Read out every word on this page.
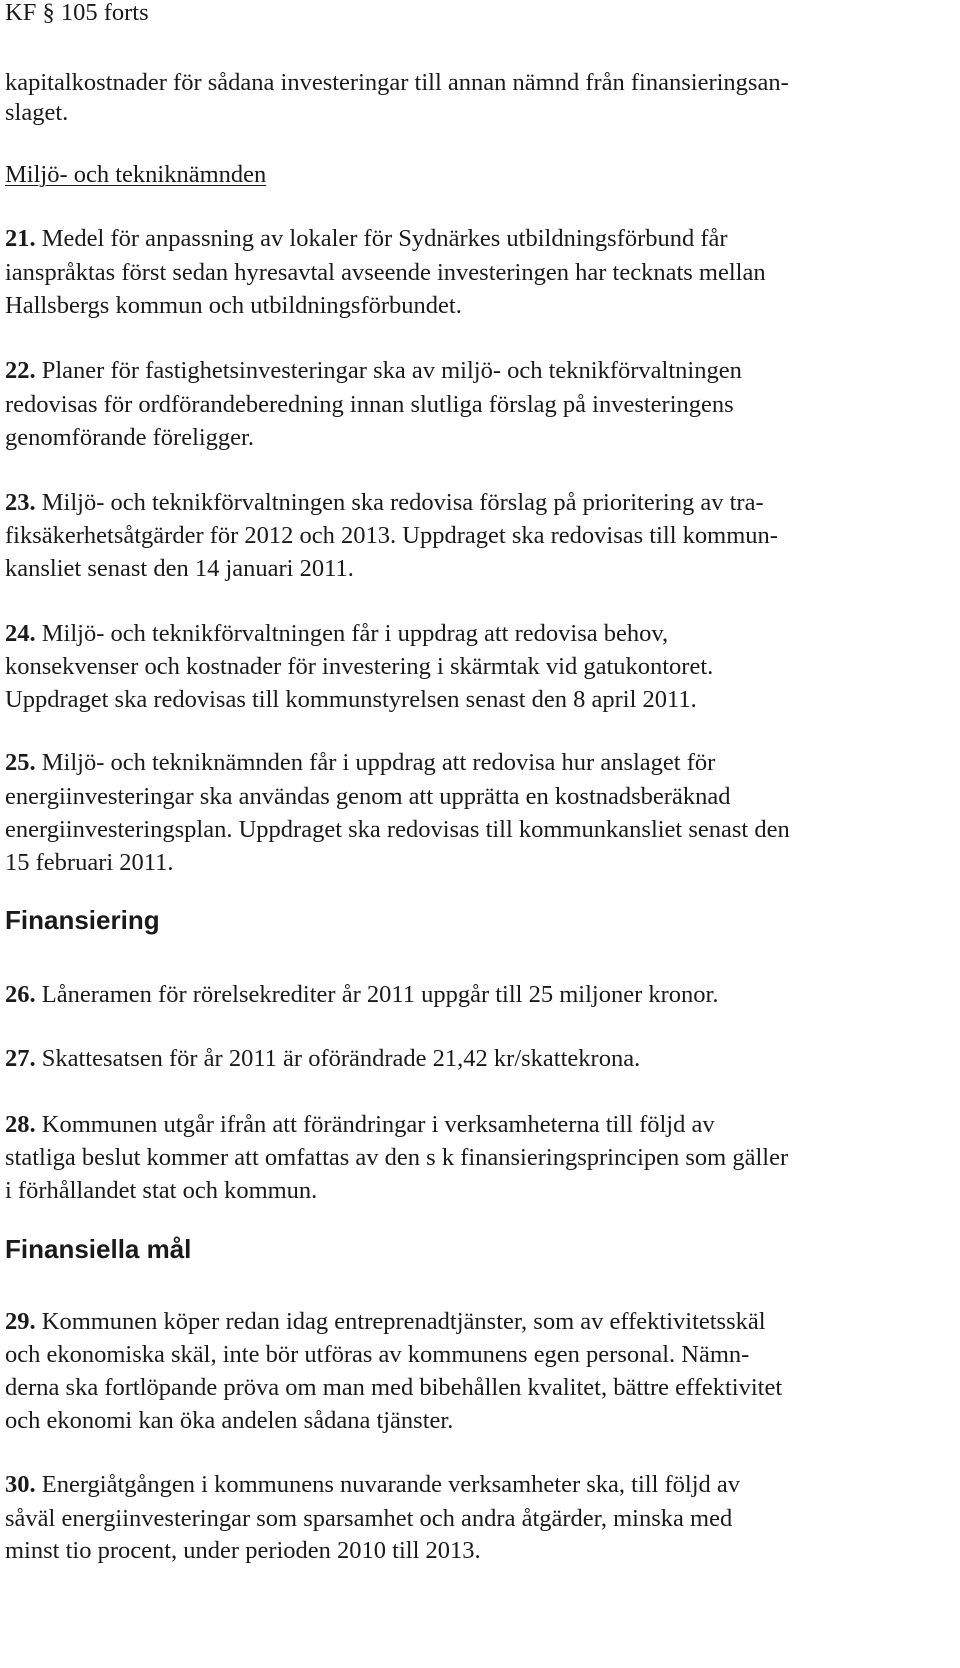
KF § 105 forts
kapitalkostnader för sådana investeringar till annan nämnd från finansieringsan-
slaget.
Miljö- och tekniknämnden
21. Medel för anpassning av lokaler för Sydnärkes utbildningsförbund får
ianspråktas först sedan hyresavtal avseende investeringen har tecknats mellan
Hallsbergs kommun och utbildningsförbundet.
22. Planer för fastighetsinvesteringar ska av miljö- och teknikförvaltningen
redovisas för ordförandeberedning innan slutliga förslag på investeringens
genomförande föreligger.
23. Miljö- och teknikförvaltningen ska redovisa förslag på prioritering av tra-
fiksäkerhetsåtgärder för 2012 och 2013. Uppdraget ska redovisas till kommun-
kansliet senast den 14 januari 2011.
24. Miljö- och teknikförvaltningen får i uppdrag att redovisa behov,
konsekvenser och kostnader för investering i skärmtak vid gatukontoret.
Uppdraget ska redovisas till kommunstyrelsen senast den 8 april 2011.
25. Miljö- och tekniknämnden får i uppdrag att redovisa hur anslaget för
energiinvesteringar ska användas genom att upprätta en kostnadsberäknad
energiinvesteringsplan. Uppdraget ska redovisas till kommunkansliet senast den
15 februari 2011.
Finansiering
26. Låneramen för rörelsekrediter år 2011 uppgår till 25 miljoner kronor.
27. Skattesatsen för år 2011 är oförändrade 21,42 kr/skattekrona.
28. Kommunen utgår ifrån att förändringar i verksamheterna till följd av
statliga beslut kommer att omfattas av den s k finansieringsprincipen som gäller
i förhållandet stat och kommun.
Finansiella mål
29. Kommunen köper redan idag entreprenadtjänster, som av effektivitetsskäl
och ekonomiska skäl, inte bör utföras av kommunens egen personal. Nämn-
derna ska fortlöpande pröva om man med bibehållen kvalitet, bättre effektivitet
och ekonomi kan öka andelen sådana tjänster.
30. Energiåtgången i kommunens nuvarande verksamheter ska, till följd av
såväl energiinvesteringar som sparsamhet och andra åtgärder, minska med
minst tio procent, under perioden 2010 till 2013.
